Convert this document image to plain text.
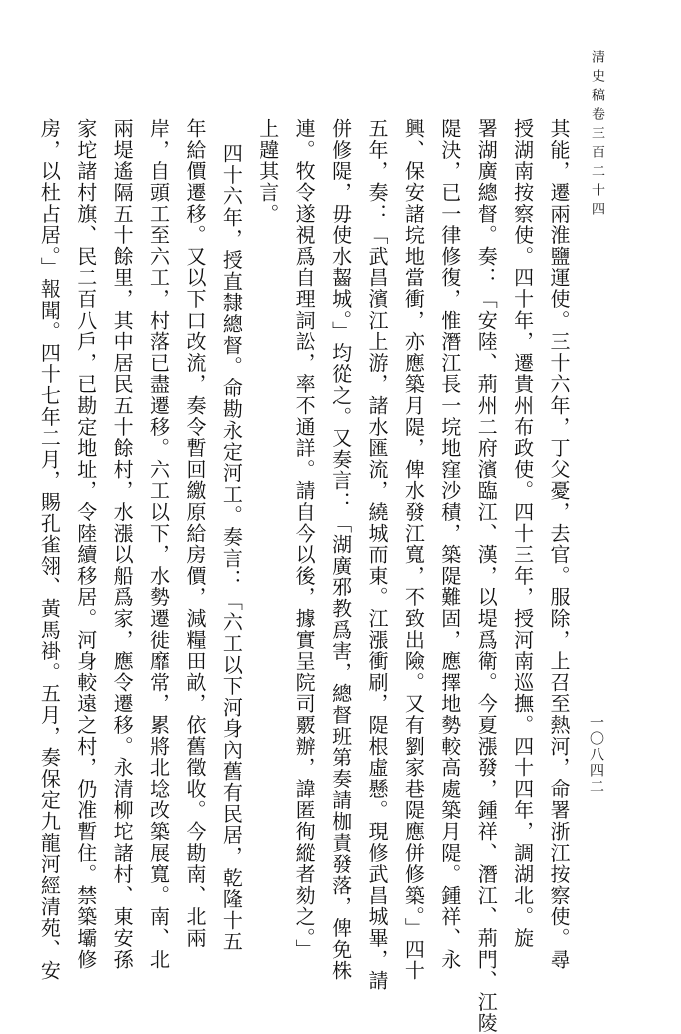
清史稿卷三百二十四
一〇八四二
其能，遷兩淮鹽運使。三十六年，丁父憂，去官。服除，上召至熱河，命署浙江按察使。尋
授湖南按察使。四十年，遷貴州布政使。四十三年，授河南巡撫。四十四年，調湖北。旋
署湖廣總督。奏：「安陸、荊州二府濱臨江、漢，以堤爲衛。今夏漲發，鍾祥、潛江、荊門、江陵
隄決，已一律修復，惟潛江長一垸地窪沙積，築隄難固，應擇地勢較高處築月隄。鍾祥、永
興、保安諸垸地當衝，亦應築月隄，俾水發江寬，不致出險。又有劉家巷隄應併修築。」四十
五年，奏：「武昌濱江上游，諸水匯流，繞城而東。江漲衝刷，隄根虛懸。現修武昌城畢，請
併修隄，毋使水齧城。」均從之。又奏言：「湖廣邪教爲害，總督班第奏請枷責發落，俾免株
連。牧令遂視爲自理詞訟，率不通詳。請自今以後，據實呈院司覈辦，諱匿徇縱者劾之。」
上韙其言。
四十六年，授直隸總督。命勘永定河工。奏言：「六工以下河身內舊有民居，乾隆十五
年給價遷移。又以下口改流，奏令暫回繳原給房價，減糧田畝，依舊徵收。今勘南、北兩
岸，自頭工至六工，村落已盡遷移。六工以下，水勢遷徙靡常，累將北埝改築展寬。南、北
兩堤遙隔五十餘里，其中居民五十餘村，水漲以船爲家，應令遷移。永清柳坨諸村、東安孫
家坨諸村旗、民二百八戶，已勘定地址，令陸續移居。河身較遠之村，仍准暫住。禁築壩修
房，以杜占居。」報聞。四十七年二月，賜孔雀翎、黃馬褂。五月，奏保定九龍河經清苑、安
